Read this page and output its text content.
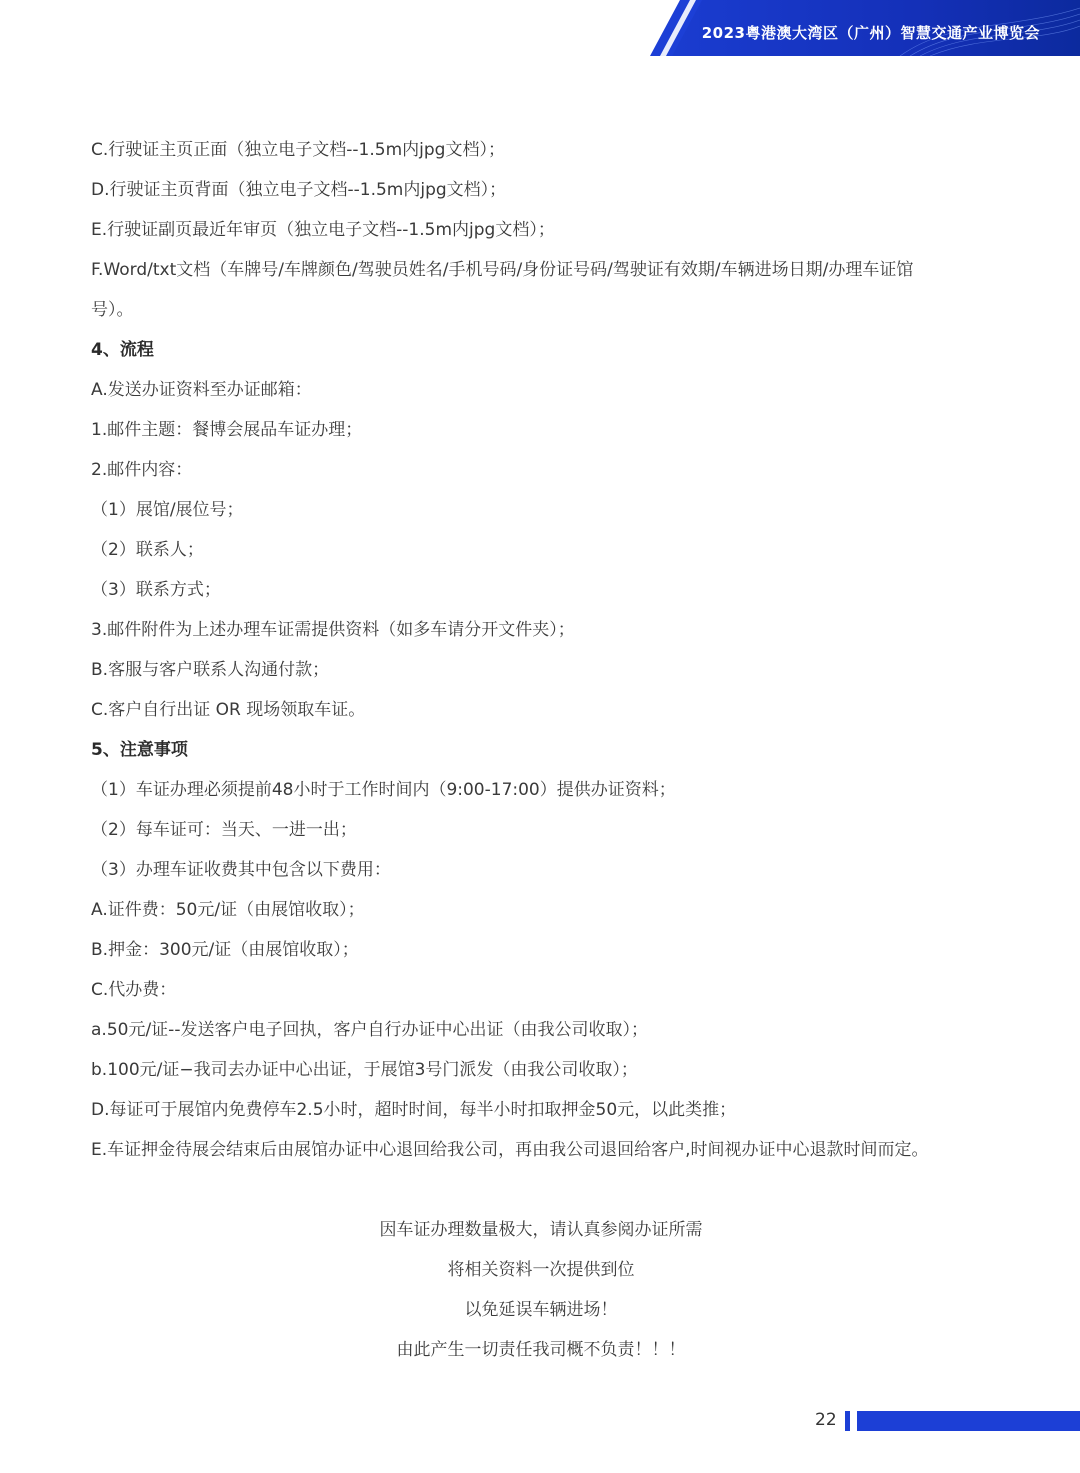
2023粤港澳大湾区（广州）智慧交通产业博览会
C.行驶证主页正面（独立电子文档--1.5m内jpg文档）；
D.行驶证主页背面（独立电子文档--1.5m内jpg文档）；
E.行驶证副页最近年审页（独立电子文档--1.5m内jpg文档）；
F.Word/txt文档（车牌号/车牌颜色/驾驶员姓名/手机号码/身份证号码/驾驶证有效期/车辆进场日期/办理车证馆
号）。
4、流程
A.发送办证资料至办证邮箱：
1.邮件主题：餐博会展品车证办理；
2.邮件内容：
（1）展馆/展位号；
（2）联系人；
（3）联系方式；
3.邮件附件为上述办理车证需提供资料（如多车请分开文件夹）；
B.客服与客户联系人沟通付款；
C.客户自行出证 OR 现场领取车证。
5、注意事项
（1）车证办理必须提前48小时于工作时间内（9:00-17:00）提供办证资料；
（2）每车证可：当天、一进一出；
（3）办理车证收费其中包含以下费用：
A.证件费：50元/证（由展馆收取）；
B.押金：300元/证（由展馆收取）；
C.代办费：
a.50元/证--发送客户电子回执，客户自行办证中心出证（由我公司收取）；
b.100元/证−我司去办证中心出证，于展馆3号门派发（由我公司收取）；
D.每证可于展馆内免费停车2.5小时，超时时间，每半小时扣取押金50元，以此类推；
E.车证押金待展会结束后由展馆办证中心退回给我公司，再由我公司退回给客户,时间视办证中心退款时间而定。
因车证办理数量极大，请认真参阅办证所需
将相关资料一次提供到位
以免延误车辆进场！
由此产生一切责任我司概不负责！！！
22
